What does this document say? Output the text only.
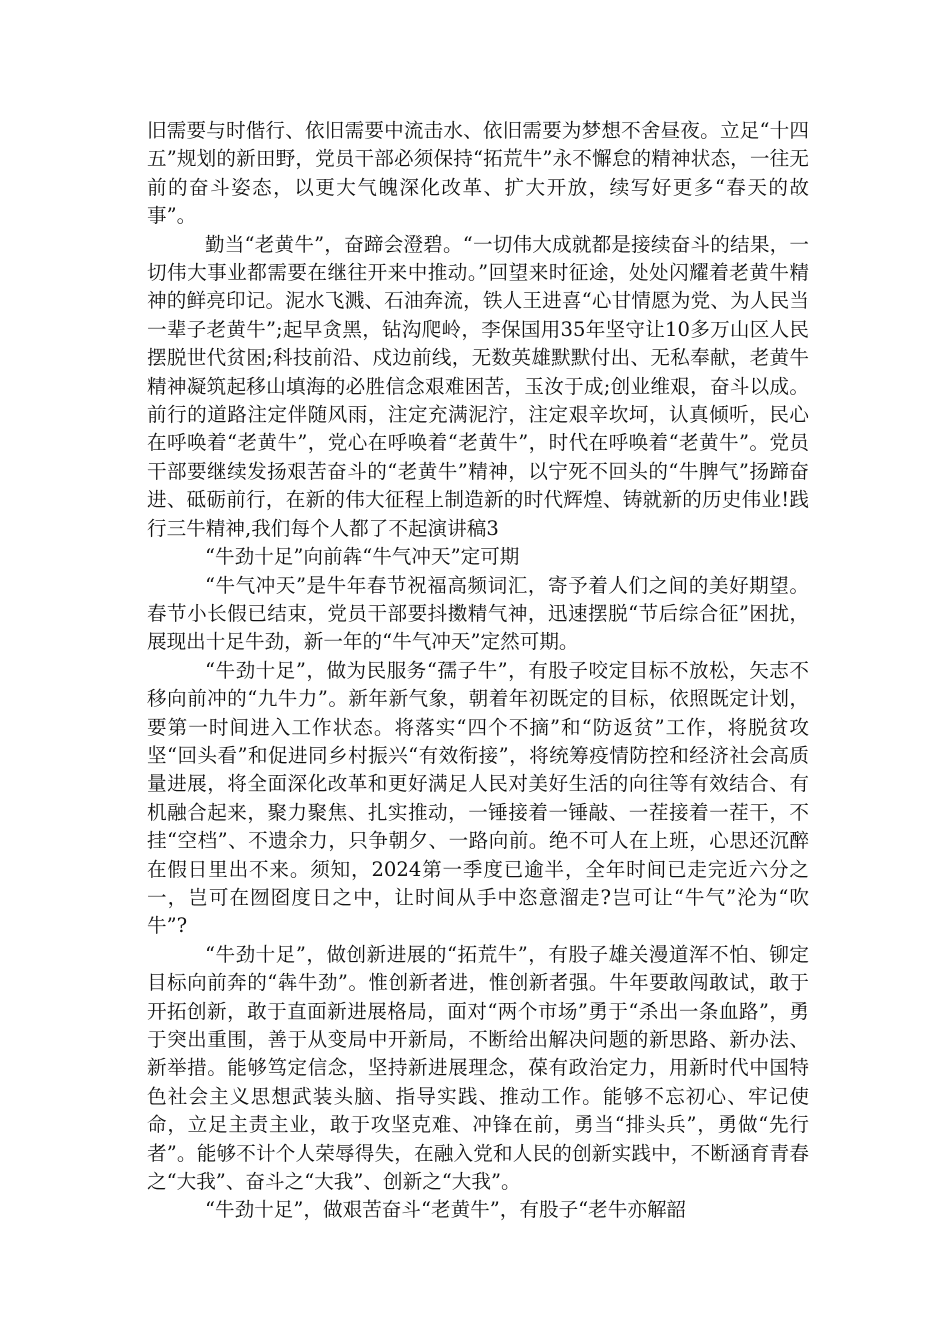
旧需要与时偕行、依旧需要中流击水、依旧需要为梦想不舍昼夜。立足“十四五”规划的新田野，党员干部必须保持“拓荒牛”永不懈怠的精神状态，一往无前的奋斗姿态，以更大气魄深化改革、扩大开放，续写好更多“春天的故事”。

勤当“老黄牛”，奋蹄会澄碧。“一切伟大成就都是接续奋斗的结果，一切伟大事业都需要在继往开来中推动。”回望来时征途，处处闪耀着老黄牛精神的鲜亮印记。泥水飞溅、石油奔流，铁人王进喜“心甘情愿为党、为人民当一辈子老黄牛”;起早贪黑，钻沟爬岭，李保国用35年坚守让10多万山区人民摆脱世代贫困;科技前沿、戍边前线，无数英雄默默付出、无私奉献，老黄牛精神凝筑起移山填海的必胜信念艰难困苦，玉汝于成;创业维艰，奋斗以成。前行的道路注定伴随风雨，注定充满泥泞，注定艰辛坎坷，认真倾听，民心在呼唤着“老黄牛”，党心在呼唤着“老黄牛”，时代在呼唤着“老黄牛”。党员干部要继续发扬艰苦奋斗的“老黄牛”精神，以宁死不回头的“牛脾气”扬蹄奋进、砥砺前行，在新的伟大征程上制造新的时代辉煌、铸就新的历史伟业!践行三牛精神,我们每个人都了不起演讲稿3

“牛劲十足”向前犇“牛气冲天”定可期

“牛气冲天”是牛年春节祝福高频词汇，寄予着人们之间的美好期望。春节小长假已结束，党员干部要抖擞精气神，迅速摆脱“节后综合征”困扰，展现出十足牛劲，新一年的“牛气冲天”定然可期。

“牛劲十足”，做为民服务“孺子牛”，有股子咬定目标不放松，矢志不移向前冲的“九牛力”。新年新气象，朝着年初既定的目标，依照既定计划，要第一时间进入工作状态。将落实“四个不摘”和“防返贫”工作，将脱贫攻坚“回头看”和促进同乡村振兴“有效衔接”，将统筹疫情防控和经济社会高质量进展，将全面深化改革和更好满足人民对美好生活的向往等有效结合、有机融合起来，聚力聚焦、扎实推动，一锤接着一锤敲、一茬接着一茬干，不挂“空档”、不遗余力，只争朝夕、一路向前。绝不可人在上班，心思还沉醉在假日里出不来。须知，2024第一季度已逾半，全年时间已走完近六分之一，岂可在囫囵度日之中，让时间从手中恣意溜走?岂可让“牛气”沦为“吹牛”?

“牛劲十足”，做创新进展的“拓荒牛”，有股子雄关漫道浑不怕、铆定目标向前奔的“犇牛劲”。惟创新者进，惟创新者强。牛年要敢闯敢试，敢于开拓创新，敢于直面新进展格局，面对“两个市场”勇于“杀出一条血路”，勇于突出重围，善于从变局中开新局，不断给出解决问题的新思路、新办法、新举措。能够笃定信念，坚持新进展理念，葆有政治定力，用新时代中国特色社会主义思想武装头脑、指导实践、推动工作。能够不忘初心、牢记使命，立足主责主业，敢于攻坚克难、冲锋在前，勇当“排头兵”，勇做“先行者”。能够不计个人荣辱得失，在融入党和人民的创新实践中，不断涵育青春之“大我”、奋斗之“大我”、创新之“大我”。

“牛劲十足”，做艰苦奋斗“老黄牛”，有股子“老牛亦解韶
